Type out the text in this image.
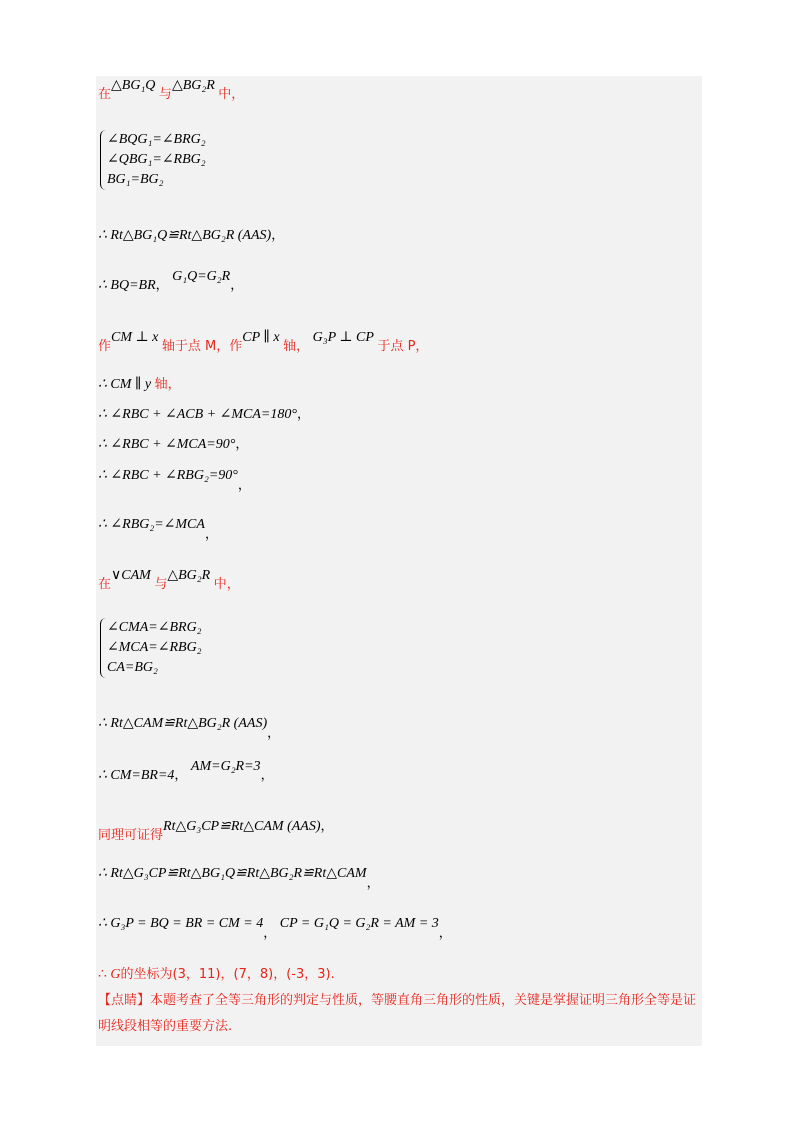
在△BG₁Q 与△BG₂R 中，
∠BQG₁=∠BRG₂
∠QBG₁=∠RBG₂
BG₁=BG₂
∴ Rt△BG₁Q≌Rt△BG₂R (AAS)，
∴ BQ=BR， G₁Q=G₂R，
作CM ⊥ x 轴于点 M，作CP ∥ x 轴， G₃P ⊥ CP 于点 P，
∴ CM ∥ y 轴，
∴ ∠RBC + ∠ACB + ∠MCA=180°，
∴ ∠RBC + ∠MCA=90°，
∴ ∠RBC + ∠RBG₂=90°，
∴ ∠RBG₂=∠MCA，
在∨CAM 与△BG₂R 中，
∠CMA=∠BRG₂
∠MCA=∠RBG₂
CA=BG₂
∴ Rt△CAM≌Rt△BG₂R (AAS)，
∴ CM=BR=4， AM=G₂R=3，
同理可证得Rt△G₃CP≌Rt△CAM (AAS)，
∴ Rt△G₃CP≌Rt△BG₁Q≌Rt△BG₂R≌Rt△CAM，
∴ G₃P = BQ = BR = CM = 4， CP = G₁Q = G₂R = AM = 3，
∴ G的坐标为(3，11)，(7，8)，(-3，3).
【点睛】本题考查了全等三角形的判定与性质，等腰直角三角形的性质，关键是掌握证明三角形全等是证明线段相等的重要方法.
